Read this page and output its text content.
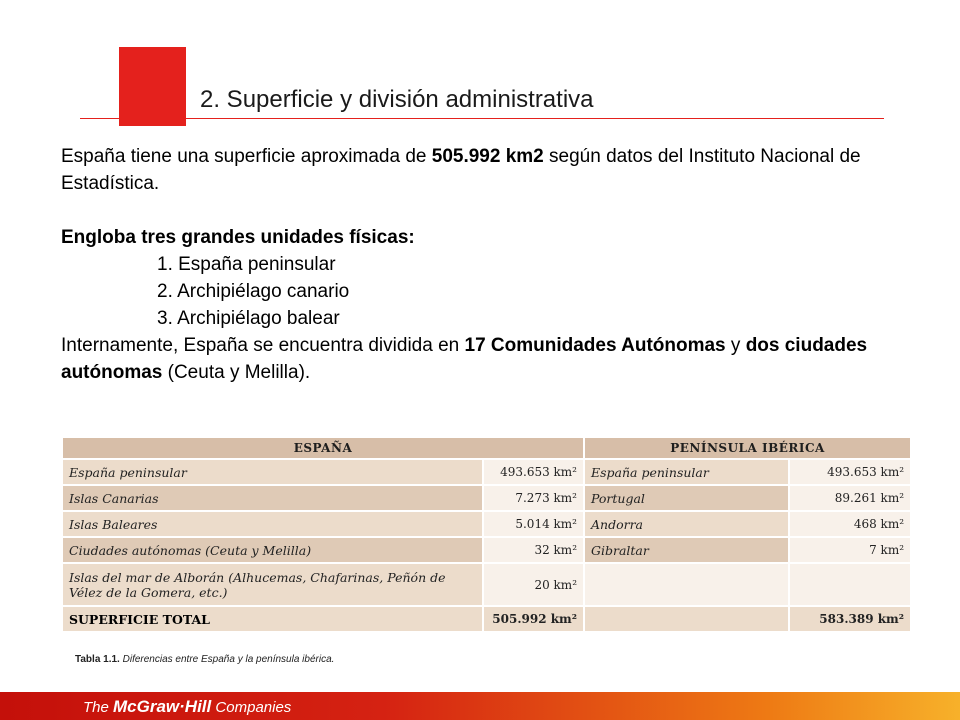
2. Superficie y división administrativa

España tiene una superficie aproximada de 505.992 km2 según datos del Instituto Nacional de Estadística.

Engloba tres grandes unidades físicas:

1. España peninsular

2. Archipiélago canario

3. Archipiélago balear

Internamente, España se encuentra dividida en 17 Comunidades Autónomas y dos ciudades autónomas (Ceuta y Melilla).

ESPAÑA		PENÍNSULA IBÉRICA	
España peninsular	493.653 km²	España peninsular	493.653 km²
Islas Canarias	7.273 km²	Portugal	89.261 km²
Islas Baleares	5.014 km²	Andorra	468 km²
Ciudades autónomas (Ceuta y Melilla)	32 km²	Gibraltar	7 km²
Islas del mar de Alborán (Alhucemas, Chafarinas, Peñón de Vélez de la Gomera, etc.)	20 km²		
SUPERFICIE TOTAL	505.992 km²		583.389 km²
Tabla 1.1. Diferencias entre España y la península ibérica.
The McGraw·Hill Companies
